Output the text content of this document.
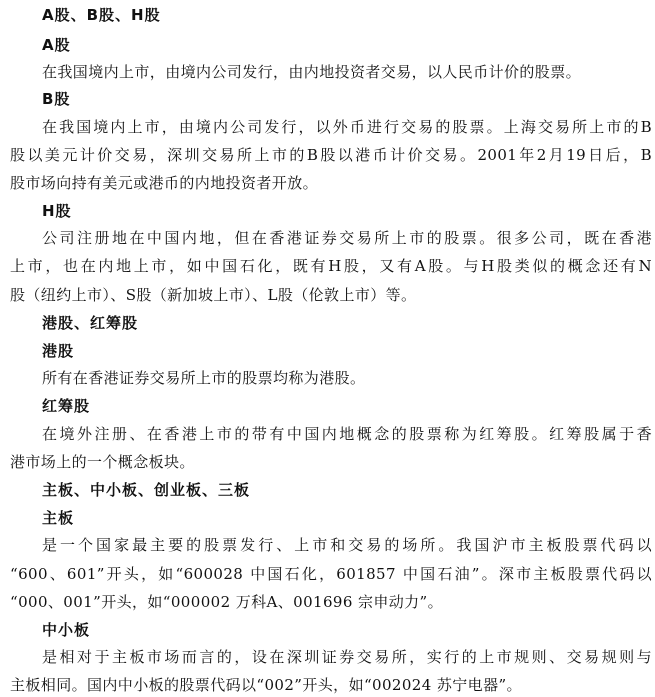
A股、B股、H股
A股
在我国境内上市，由境内公司发行，由内地投资者交易，以人民币计价的股票。
B股
在我国境内上市，由境内公司发行，以外币进行交易的股票。上海交易所上市的B
股以美元计价交易，深圳交易所上市的B股以港币计价交易。2001年2月19日后，B
股市场向持有美元或港币的内地投资者开放。
H股
公司注册地在中国内地，但在香港证券交易所上市的股票。很多公司，既在香港
上市，也在内地上市，如中国石化，既有H股，又有A股。与H股类似的概念还有N
股（纽约上市）、S股（新加坡上市）、L股（伦敦上市）等。
港股、红筹股
港股
所有在香港证券交易所上市的股票均称为港股。
红筹股
在境外注册、在香港上市的带有中国内地概念的股票称为红筹股。红筹股属于香
港市场上的一个概念板块。
主板、中小板、创业板、三板
主板
是一个国家最主要的股票发行、上市和交易的场所。我国沪市主板股票代码以
“600、601”开头，如“600028 中国石化，601857 中国石油”。深市主板股票代码以
“000、001”开头，如“000002 万科A、001696 宗申动力”。
中小板
是相对于主板市场而言的，设在深圳证券交易所，实行的上市规则、交易规则与
主板相同。国内中小板的股票代码以“002”开头，如“002024 苏宁电器”。
